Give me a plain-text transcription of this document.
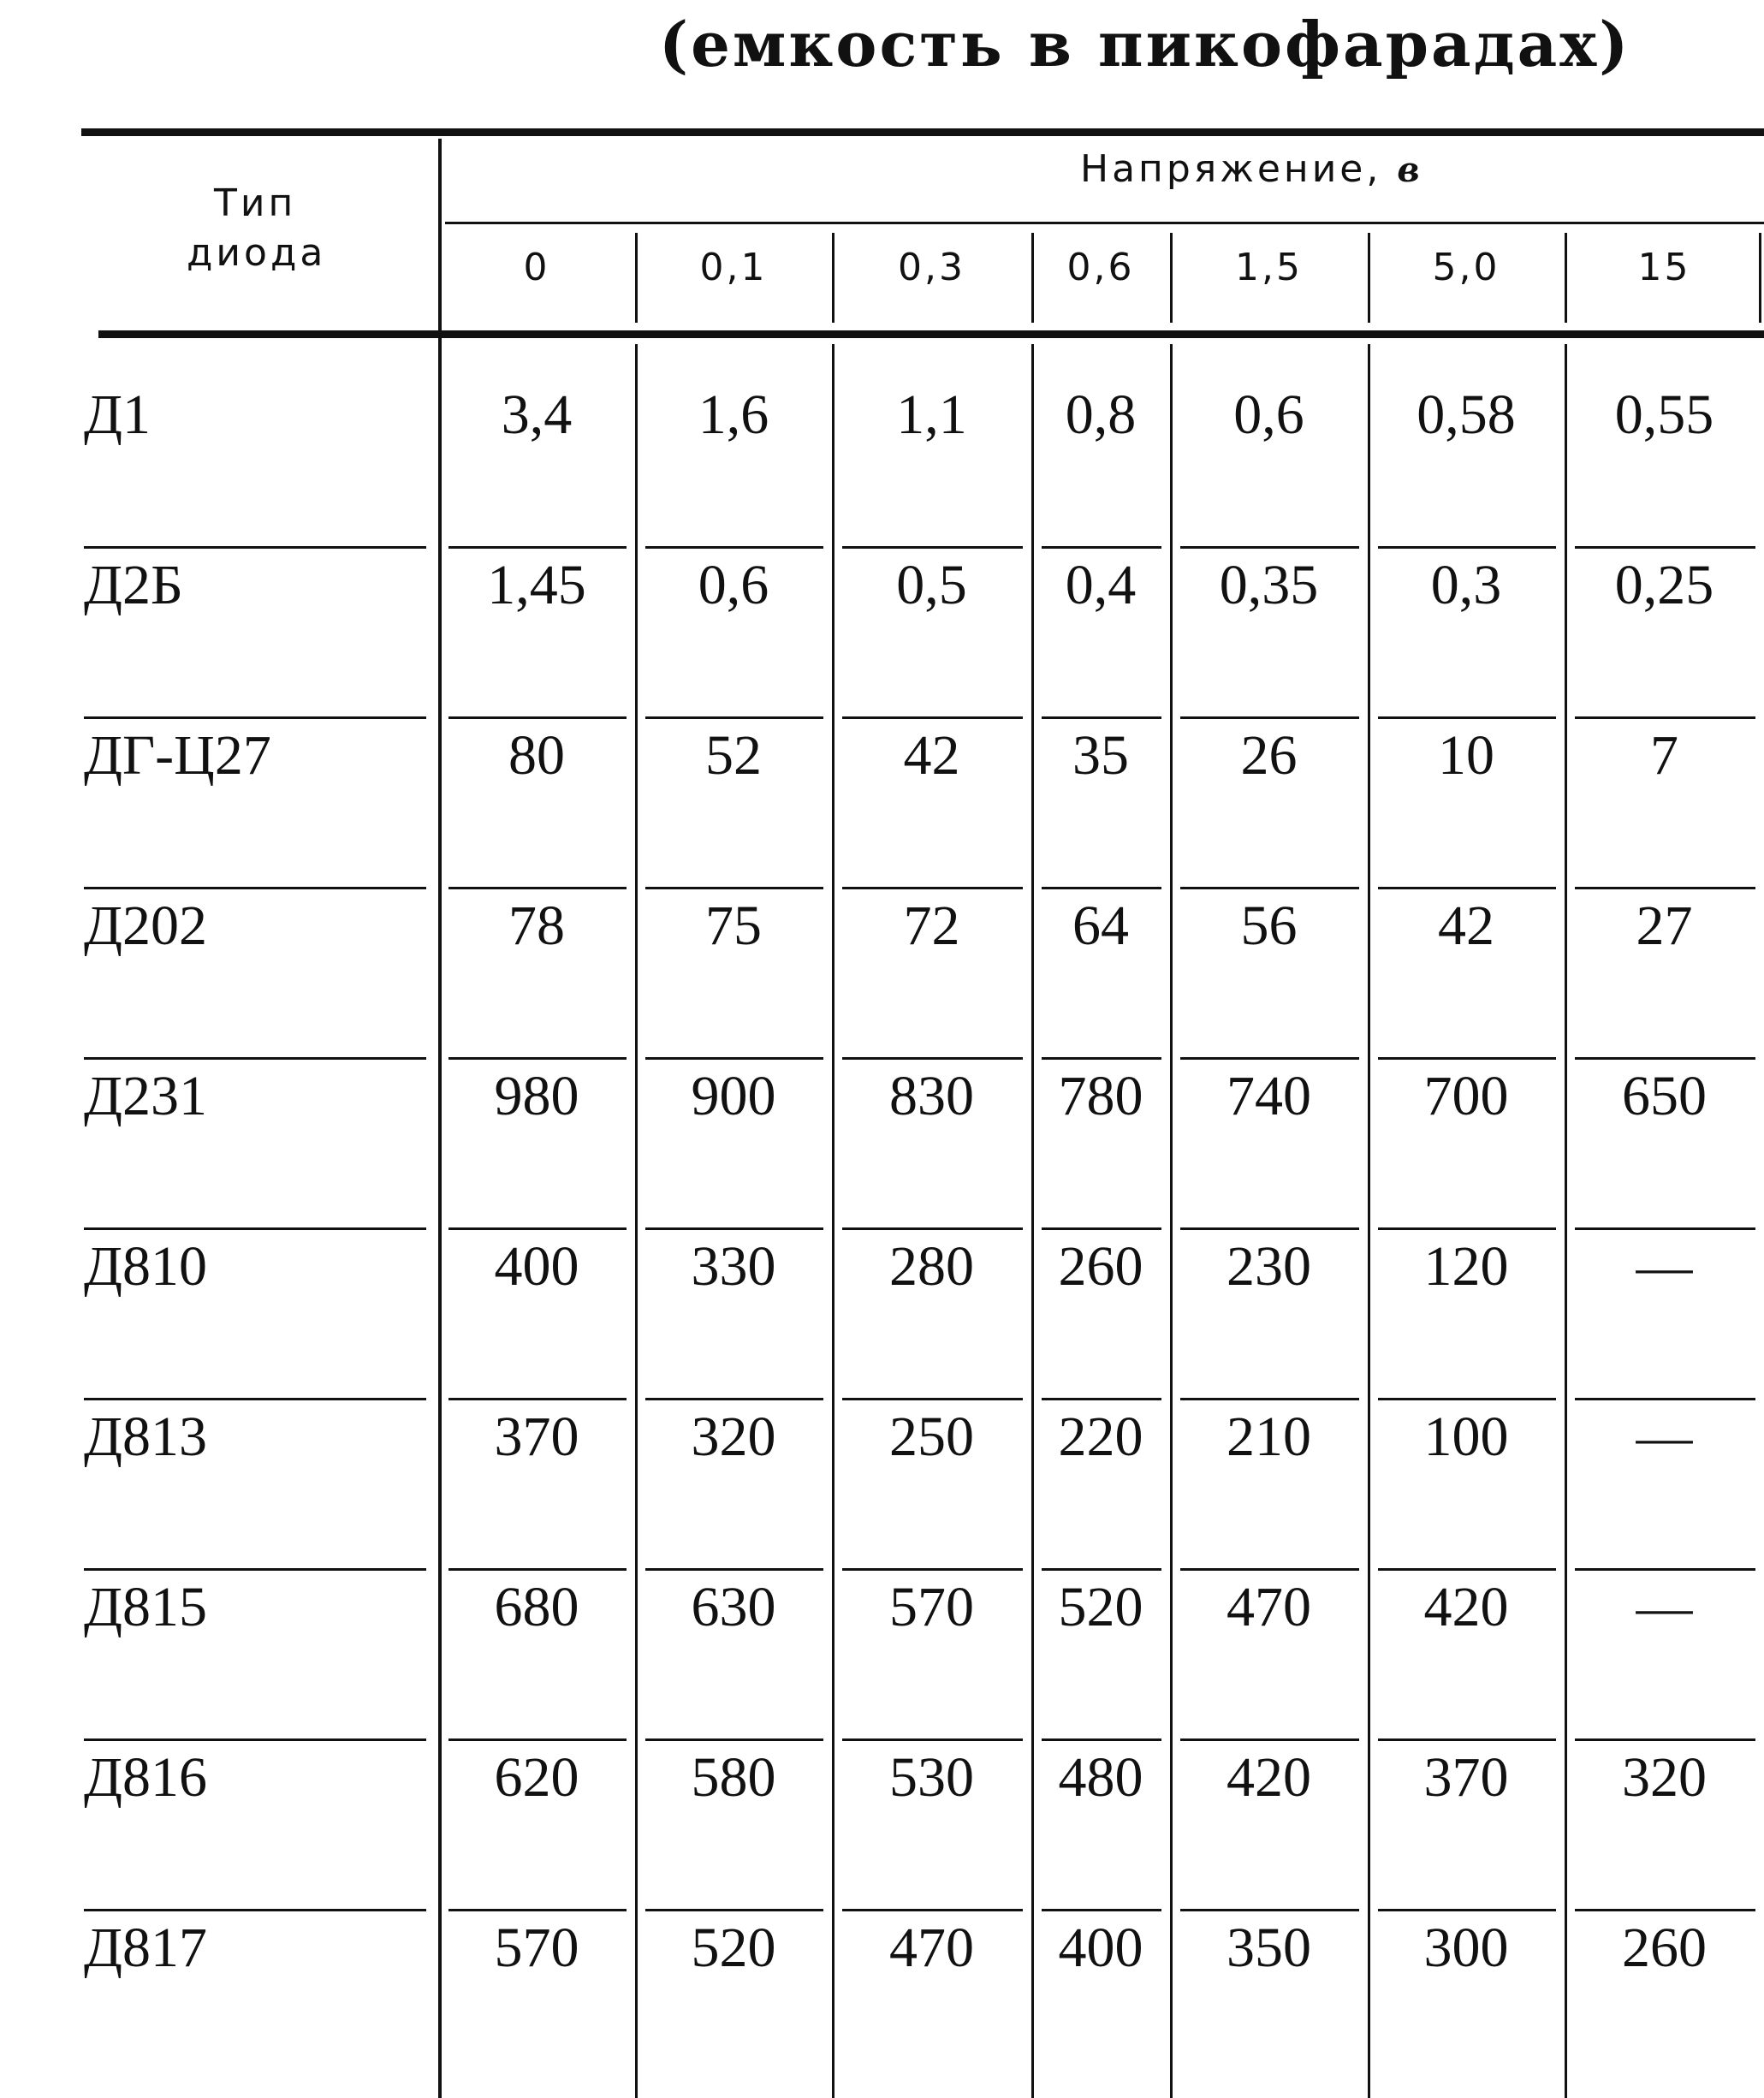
(емкость в пикофарадах)
Тип
диода
Напряжение, в
0	0,1	0,3	0,6	1,5	5,0	15
Д1	3,4	1,6	1,1	0,8	0,6	0,58	0,55
Д2Б	1,45	0,6	0,5	0,4	0,35	0,3	0,25
ДГ-Ц27	80	52	42	35	26	10	7
Д202	78	75	72	64	56	42	27
Д231	980	900	830	780	740	700	650
Д810	400	330	280	260	230	120	—
Д813	370	320	250	220	210	100	—
Д815	680	630	570	520	470	420	—
Д816	620	580	530	480	420	370	320
Д817	570	520	470	400	350	300	260
